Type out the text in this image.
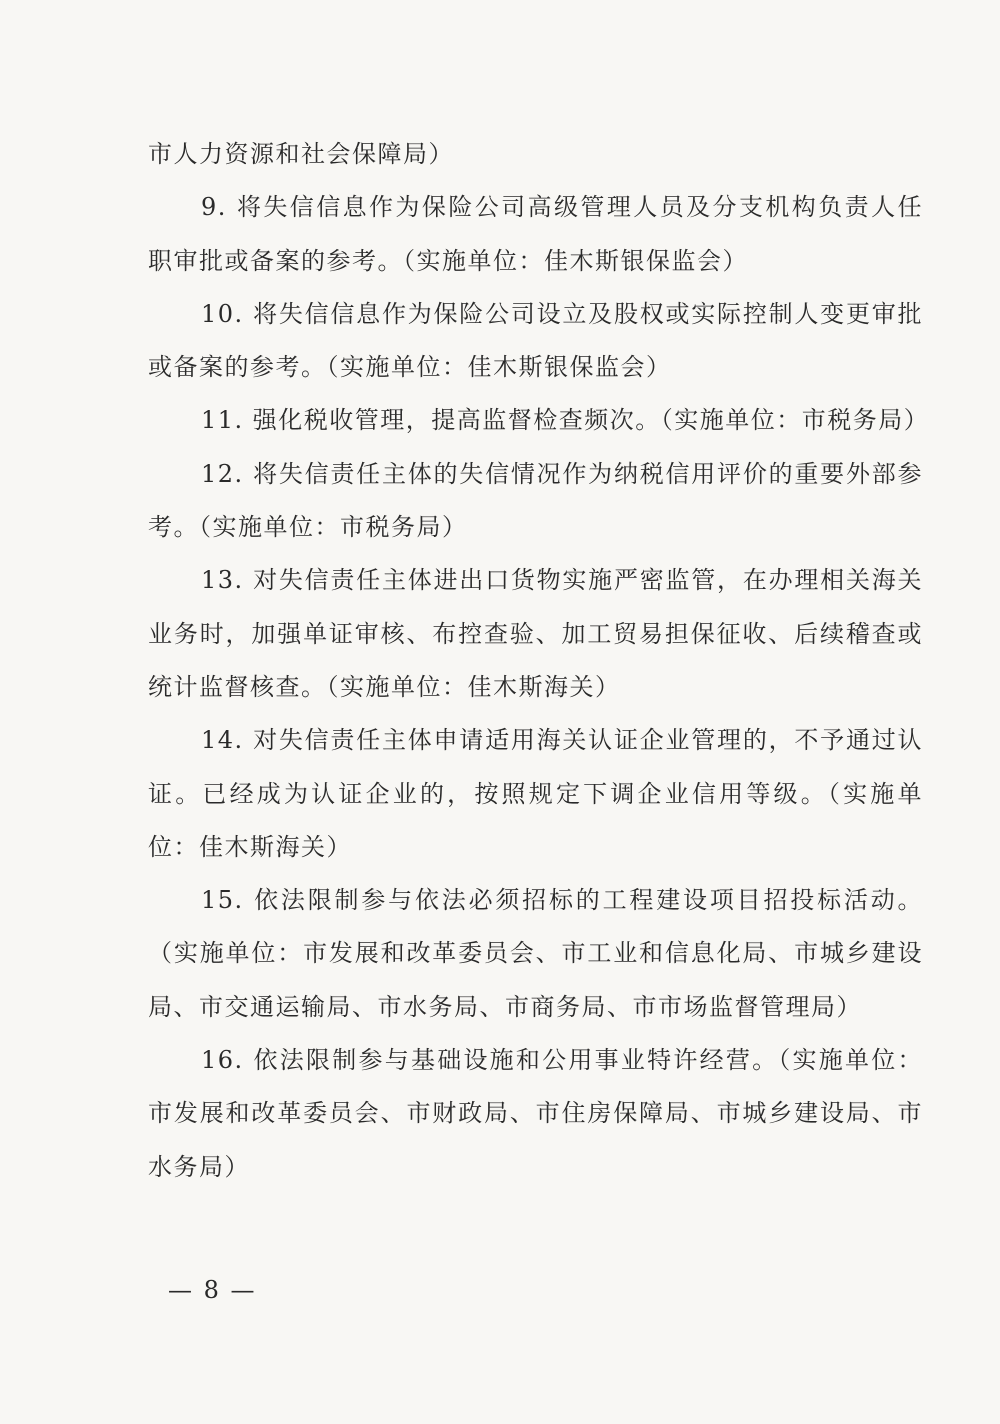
市人力资源和社会保障局）

9. 将失信信息作为保险公司高级管理人员及分支机构负责人任职审批或备案的参考。（实施单位：佳木斯银保监会）

10. 将失信信息作为保险公司设立及股权或实际控制人变更审批或备案的参考。（实施单位：佳木斯银保监会）

11. 强化税收管理，提高监督检查频次。（实施单位：市税务局）

12. 将失信责任主体的失信情况作为纳税信用评价的重要外部参考。（实施单位：市税务局）

13. 对失信责任主体进出口货物实施严密监管，在办理相关海关业务时，加强单证审核、布控查验、加工贸易担保征收、后续稽查或统计监督核查。（实施单位：佳木斯海关）

14. 对失信责任主体申请适用海关认证企业管理的，不予通过认证。已经成为认证企业的，按照规定下调企业信用等级。（实施单位：佳木斯海关）

15. 依法限制参与依法必须招标的工程建设项目招投标活动。（实施单位：市发展和改革委员会、市工业和信息化局、市城乡建设局、市交通运输局、市水务局、市商务局、市市场监督管理局）

16. 依法限制参与基础设施和公用事业特许经营。（实施单位：市发展和改革委员会、市财政局、市住房保障局、市城乡建设局、市水务局）

— 8 —
